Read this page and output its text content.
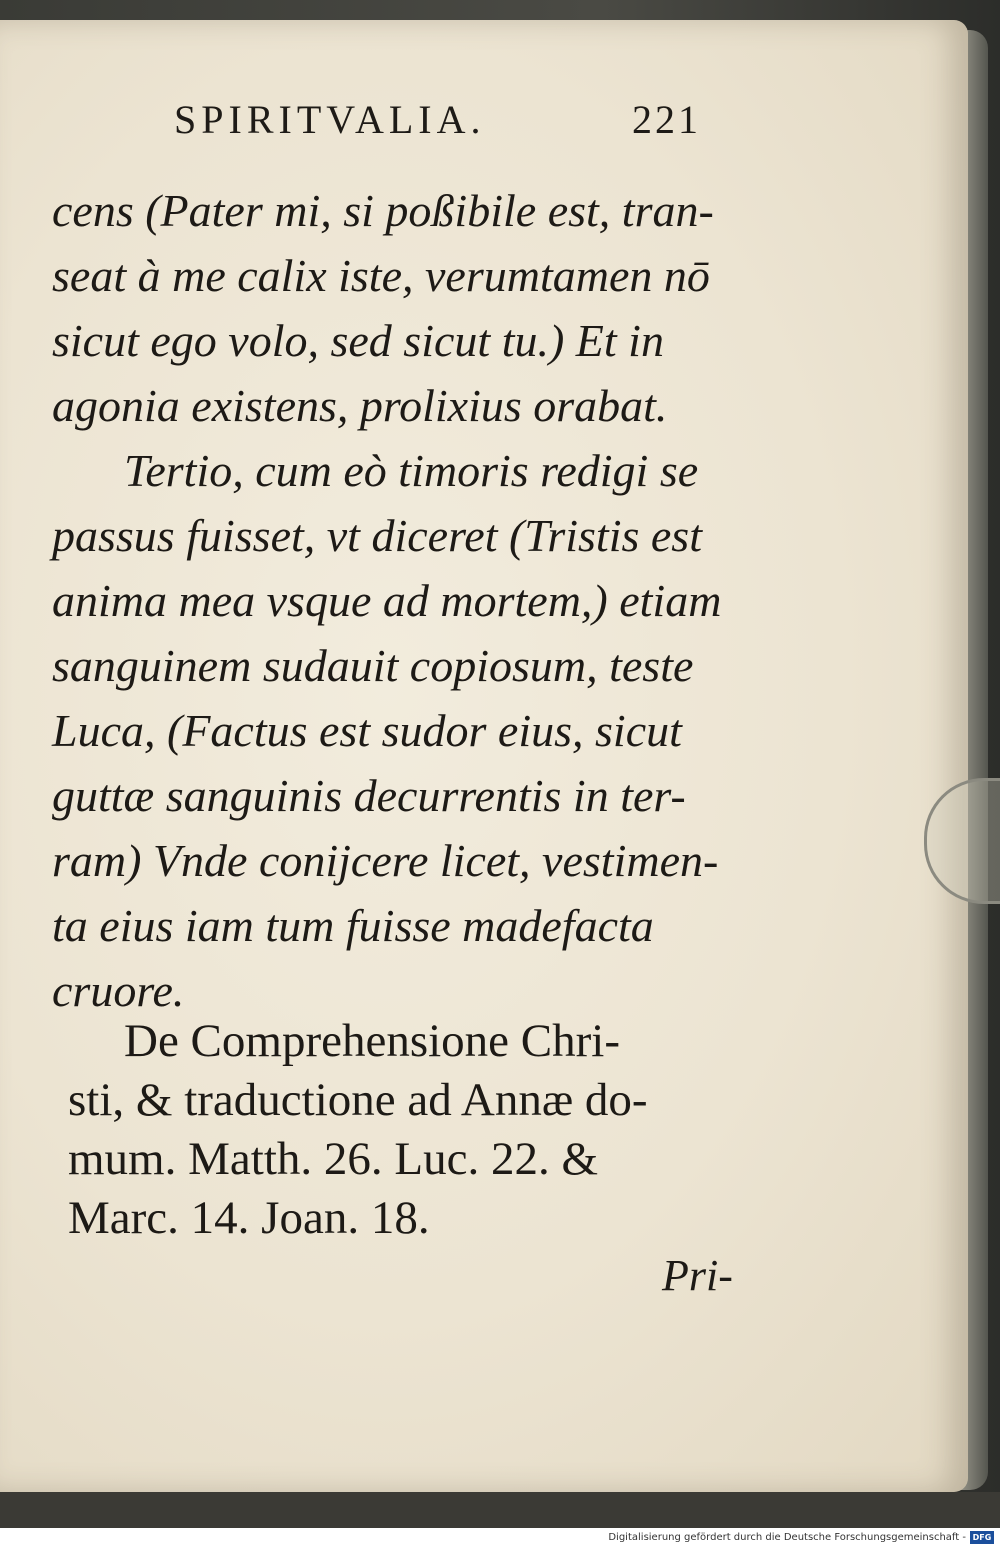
SPIRITVALIA.	221
cens (Pater mi, si poßibile est, tran-
seat à me calix iste, verumtamen nō
sicut ego volo, sed sicut tu.) Et in
agonia existens, prolixius orabat.
Tertio, cum eò timoris redigi se
passus fuisset, vt diceret (Tristis est
anima mea vsque ad mortem,) etiam
sanguinem sudauit copiosum, teste
Luca, (Factus est sudor eius, sicut
guttæ sanguinis decurrentis in ter-
ram) Vnde conijcere licet, vestimen-
ta eius iam tum fuisse madefacta
cruore.
De Comprehensione Chri-
sti, & traductione ad Annæ do-
mum. Matth. 26. Luc. 22. &
Marc. 14. Joan. 18.
Pri-
Digitalisierung gefördert durch die Deutsche Forschungsgemeinschaft - DFG
